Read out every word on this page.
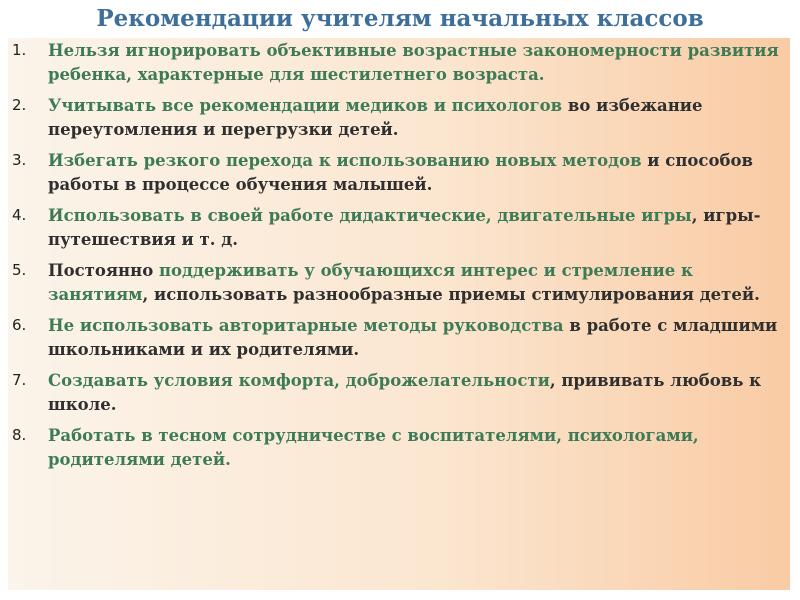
Рекомендации учителям начальных классов
1. Нельзя игнорировать объективные возрастные закономерности развития ребенка, характерные для шестилетнего возраста.
2. Учитывать все рекомендации медиков и психологов во избежание переутомления и перегрузки детей.
3. Избегать резкого перехода к использованию новых методов и способов работы в процессе обучения малышей.
4. Использовать в своей работе дидактические, двигательные игры, игры-путешествия и т. д.
5. Постоянно поддерживать у обучающихся интерес и стремление к занятиям, использовать разнообразные приемы стимулирования детей.
6. Не использовать авторитарные методы руководства в работе с младшими школьниками и их родителями.
7. Создавать условия комфорта, доброжелательности, прививать любовь к школе.
8. Работать в тесном сотрудничестве с воспитателями, психологами, родителями детей.
